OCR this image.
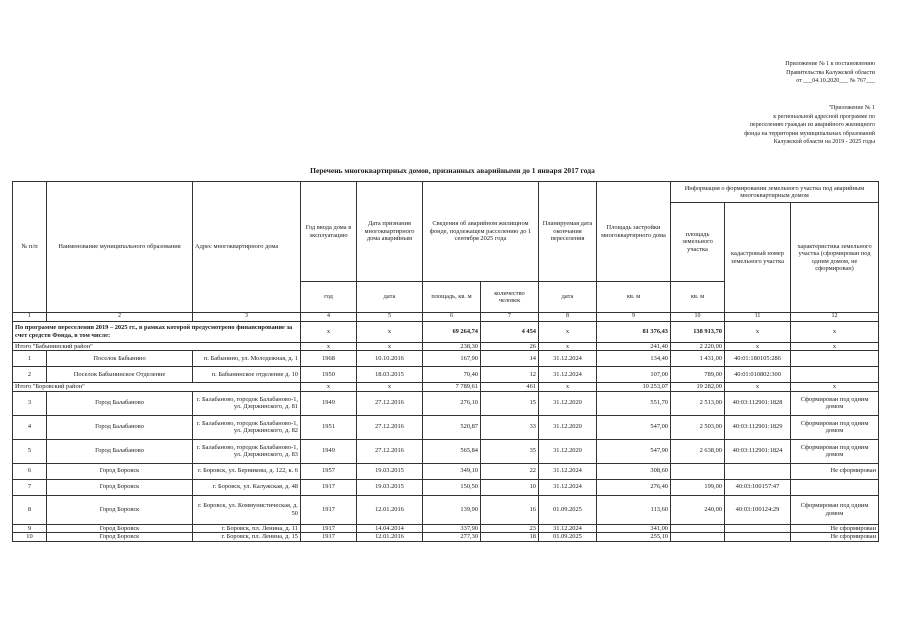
Приложение № 1 к постановлению
Правительства Калужской области
от ___04.10.2020___ № 767___
"Приложение № 1
к региональной адресной программе по
переселению граждан из аварийного жилищного
фонда на территории муниципальных образований
Калужской области на 2019 - 2025 годы
Перечень многоквартирных домов, признанных аварийными до 1 января 2017 года
№ п/п	Наименование муниципального образования	Адрес многоквартирного дома	Год ввода дома в эксплуатацию	Дата признания многоквартирного дома аварийным	Сведения об аварийном жилищном фонде, подлежащем расселению до 1 сентября 2025 года		Планируемая дата окончания переселения	Площадь застройки многоквартирного дома	Информация о формировании земельного участка под аварийным многоквартирным домом		
									площадь земельного участка	кадастровый номер земельного участка	характеристика земельного участка (сформирован под одним домом, не сформирован)
			год	дата	площадь, кв. м	количество человек	дата	кв. м	кв. м		
1	2	3	4	5	6	7	8	9	10	11	12
По программе переселения 2019 – 2025 гг., в рамках которой предусмотрено финансирование за счет средств Фонда, в том числе:			x	x	69 264,74	4 454	x	81 376,43	138 913,70	x	x
Итого "Бабынинский район"			x	x	238,30	26	x	241,40	2 220,00	x	x
1	Поселок Бабынино	п. Бабынино, ул. Молодежная, д. 1	1968	10.10.2016	167,90	14	31.12.2024	134,40	1 431,00	40:01:180105:286	
2	Поселок Бабынинское Отделение	п. Бабынинское отделение д. 10	1950	18.03.2015	70,40	12	31.12.2024	107,00	789,00	40:01:010802:300	
Итого "Боровский район"			x	x	7 789,61	461	x	10 253,07	19 282,00	x	x
3	Город Балабаново	г. Балабаново, городок Балабаново-1, ул. Дзержинского, д. 81	1949	27.12.2016	276,10	15	31.12.2020	551,70	2 513,00	40:03:112901:1828	Сформирован под одним домом
4	Город Балабаново	г. Балабаново, городок Балабаново-1, ул. Дзержинского, д. 82	1951	27.12.2016	520,87	33	31.12.2020	547,00	2 503,00	40:03:112901:1829	Сформирован под одним домом
5	Город Балабаново	г. Балабаново, городок Балабаново-1, ул. Дзержинского, д. 83	1949	27.12.2016	565,84	35	31.12.2020	547,90	2 638,00	40:03:112901:1824	Сформирован под одним домом
6	Город Боровск	г. Боровск, ул. Берникова, д. 122, к. 6	1957	19.03.2015	349,10	22	31.12.2024	308,60			Не сформирован
7	Город Боровск	г. Боровск, ул. Калужская, д. 48	1917	19.03.2015	150,50	10	31.12.2024	276,40	199,00	40:03:100157:47	
8	Город Боровск	г. Боровск, ул. Коммунистическая, д. 50	1917	12.01.2016	139,90	16	01.09.2025	113,60	240,00	40:03:100124:29	Сформирован под одним домом
9	Город Боровск	г. Боровск, пл. Ленина, д. 11	1917	14.04.2014	337,90	23	31.12.2024	341,00			Не сформирован
10	Город Боровск	г. Боровск, пл. Ленина, д. 15	1917	12.01.2016	277,30	18	01.09.2025	255,10			Не сформирован
